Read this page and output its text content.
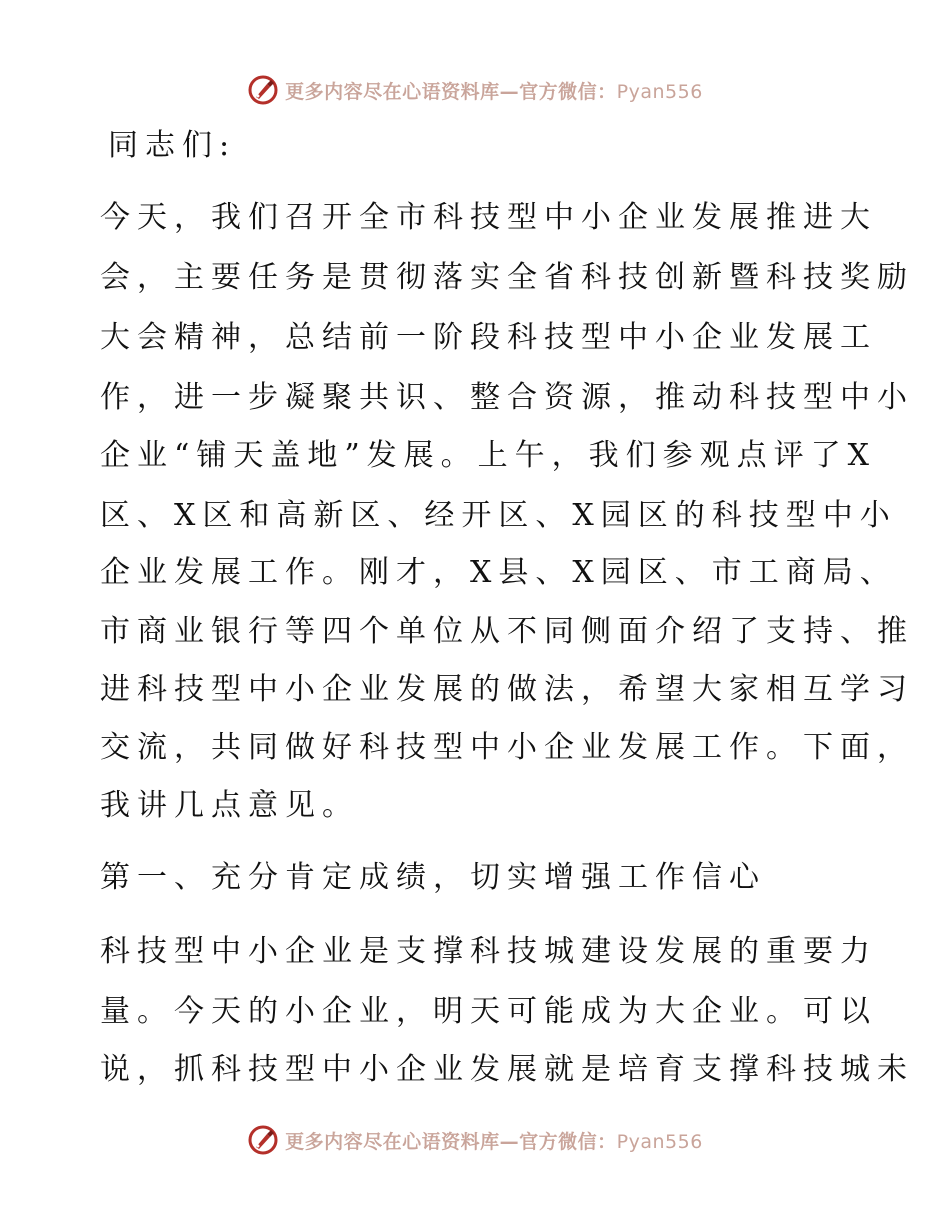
更多内容尽在心语资料库—官方微信：Pyan556
同志们:
今天，我们召开全市科技型中小企业发展推进大
会，主要任务是贯彻落实全省科技创新暨科技奖励
大会精神，总结前一阶段科技型中小企业发展工
作，进一步凝聚共识、整合资源，推动科技型中小
企业“铺天盖地”发展。上午，我们参观点评了X
区、X区和高新区、经开区、X园区的科技型中小
企业发展工作。刚才，X县、X园区、市工商局、
市商业银行等四个单位从不同侧面介绍了支持、推
进科技型中小企业发展的做法，希望大家相互学习
交流，共同做好科技型中小企业发展工作。下面，
我讲几点意见。
第一、充分肯定成绩，切实增强工作信心
科技型中小企业是支撑科技城建设发展的重要力
量。今天的小企业，明天可能成为大企业。可以
说，抓科技型中小企业发展就是培育支撑科技城未
更多内容尽在心语资料库—官方微信：Pyan556
